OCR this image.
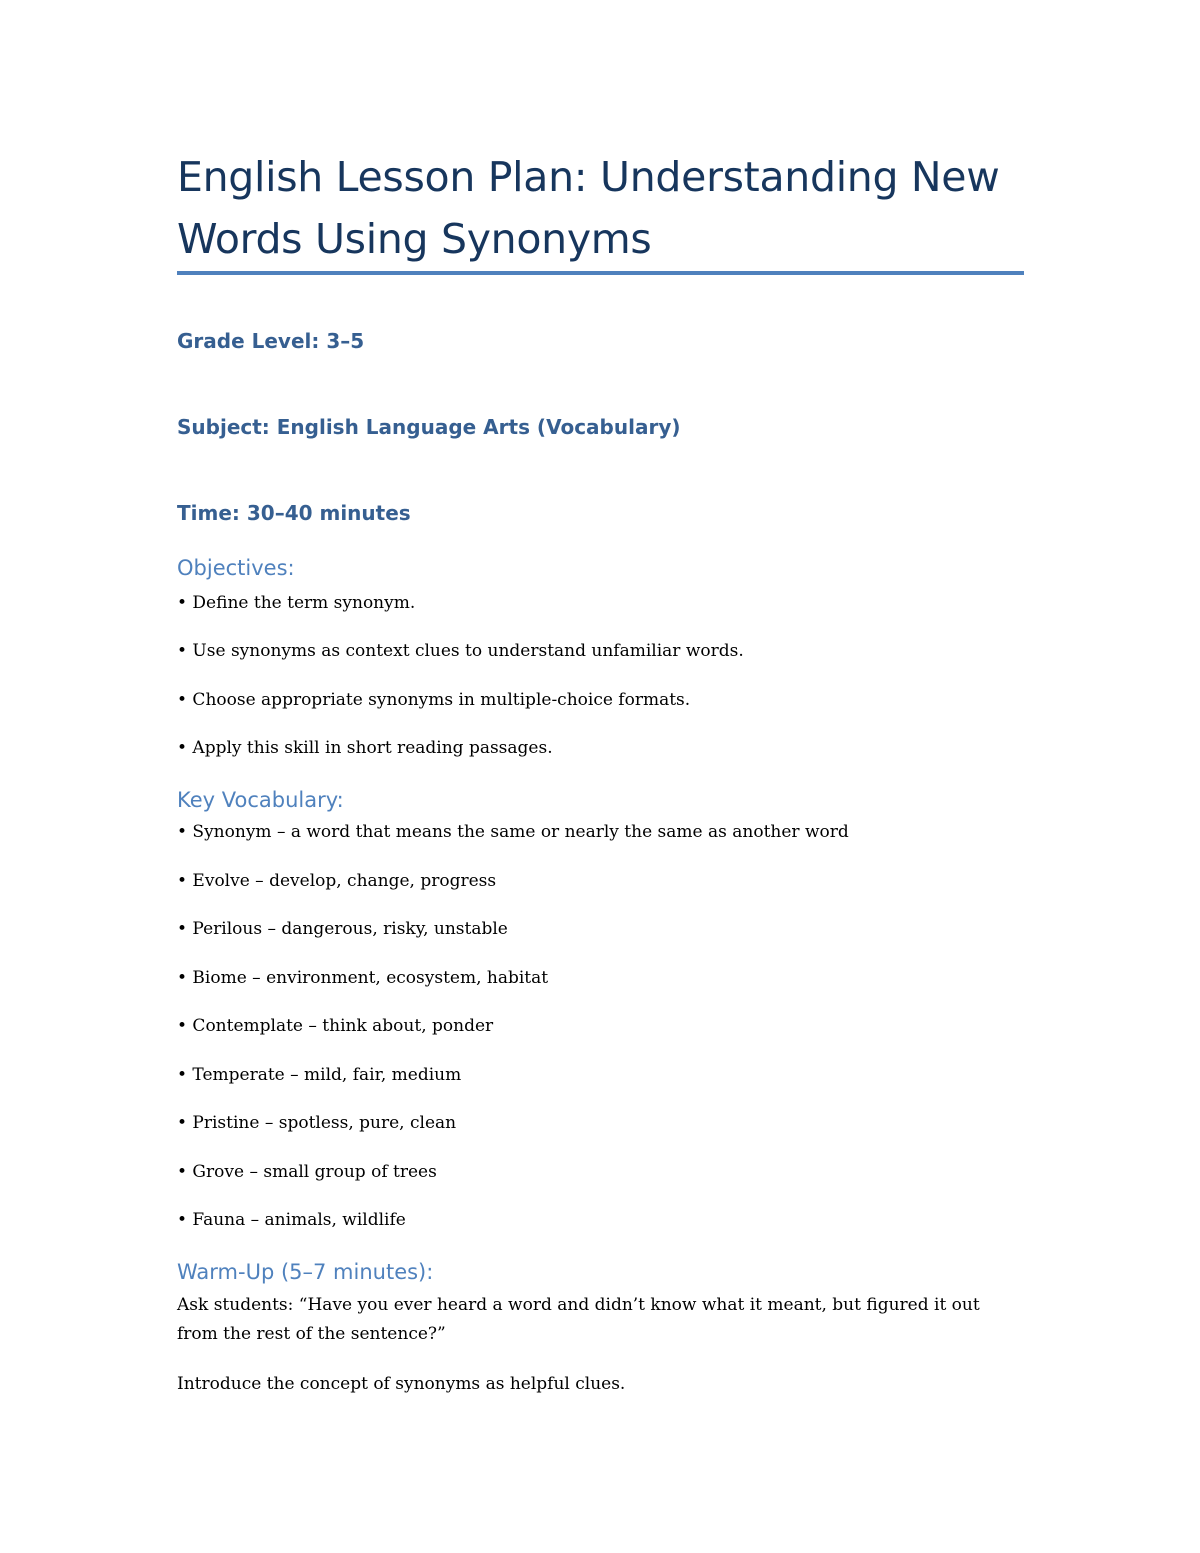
English Lesson Plan: Understanding New Words Using Synonyms
Grade Level: 3–5
Subject: English Language Arts (Vocabulary)
Time: 30–40 minutes
Objectives:

• Define the term synonym.

• Use synonyms as context clues to understand unfamiliar words.

• Choose appropriate synonyms in multiple-choice formats.

• Apply this skill in short reading passages.

Key Vocabulary:

• Synonym – a word that means the same or nearly the same as another word

• Evolve – develop, change, progress

• Perilous – dangerous, risky, unstable

• Biome – environment, ecosystem, habitat

• Contemplate – think about, ponder

• Temperate – mild, fair, medium

• Pristine – spotless, pure, clean

• Grove – small group of trees

• Fauna – animals, wildlife

Warm-Up (5–7 minutes):

Ask students: “Have you ever heard a word and didn’t know what it meant, but figured it out from the rest of the sentence?”

Introduce the concept of synonyms as helpful clues.
